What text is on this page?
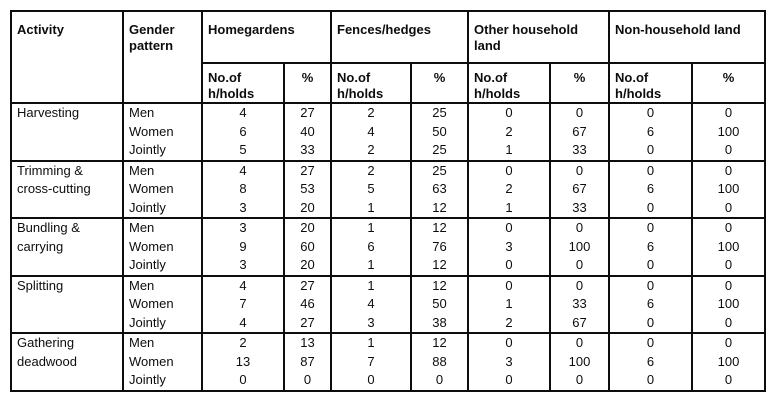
Activity	Gender pattern	Homegardens		Fences/hedges		Other household land		Non-household land	
		No.of h/holds	%	No.of h/holds	%	No.of h/holds	%	No.of h/holds	%
Harvesting	Men	4	27	2	25	0	0	0	0
	Women	6	40	4	50	2	67	6	100
	Jointly	5	33	2	25	1	33	0	0
Trimming & cross-cutting	Men	4	27	2	25	0	0	0	0
	Women	8	53	5	63	2	67	6	100
	Jointly	3	20	1	12	1	33	0	0
Bundling & carrying	Men	3	20	1	12	0	0	0	0
	Women	9	60	6	76	3	100	6	100
	Jointly	3	20	1	12	0	0	0	0
Splitting	Men	4	27	1	12	0	0	0	0
	Women	7	46	4	50	1	33	6	100
	Jointly	4	27	3	38	2	67	0	0
Gathering deadwood	Men	2	13	1	12	0	0	0	0
	Women	13	87	7	88	3	100	6	100
	Jointly	0	0	0	0	0	0	0	0
